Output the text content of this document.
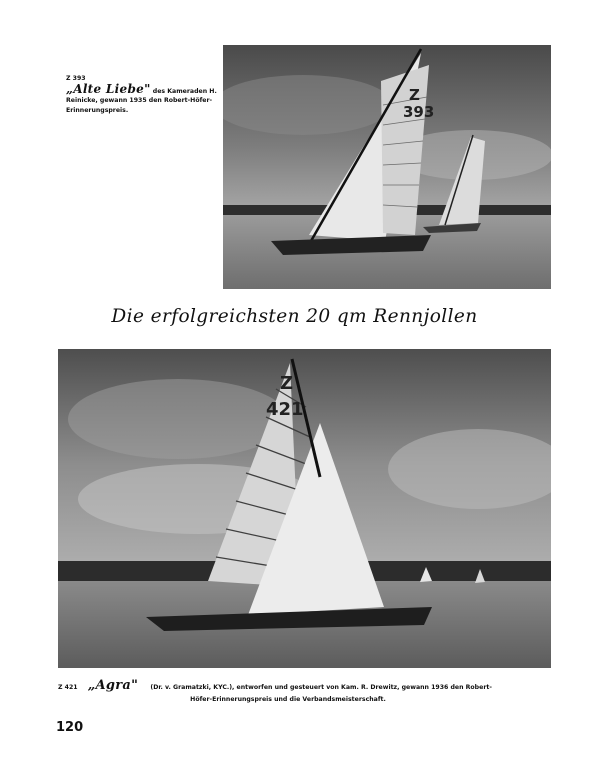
Z 393
„Alte Liebe" des Kameraden H. Reinicke, gewann 1935 den Robert-Höfer-Erinnerungspreis.
Z
393
Die erfolgreichsten 20 qm Rennjollen
Z
421
Z 421 „Agra" (Dr. v. Gramatzki, KYC.), entworfen und gesteuert von Kam. R. Drewitz, gewann 1936 den Robert-
Höfer-Erinnerungspreis und die Verbandsmeisterschaft.
120
